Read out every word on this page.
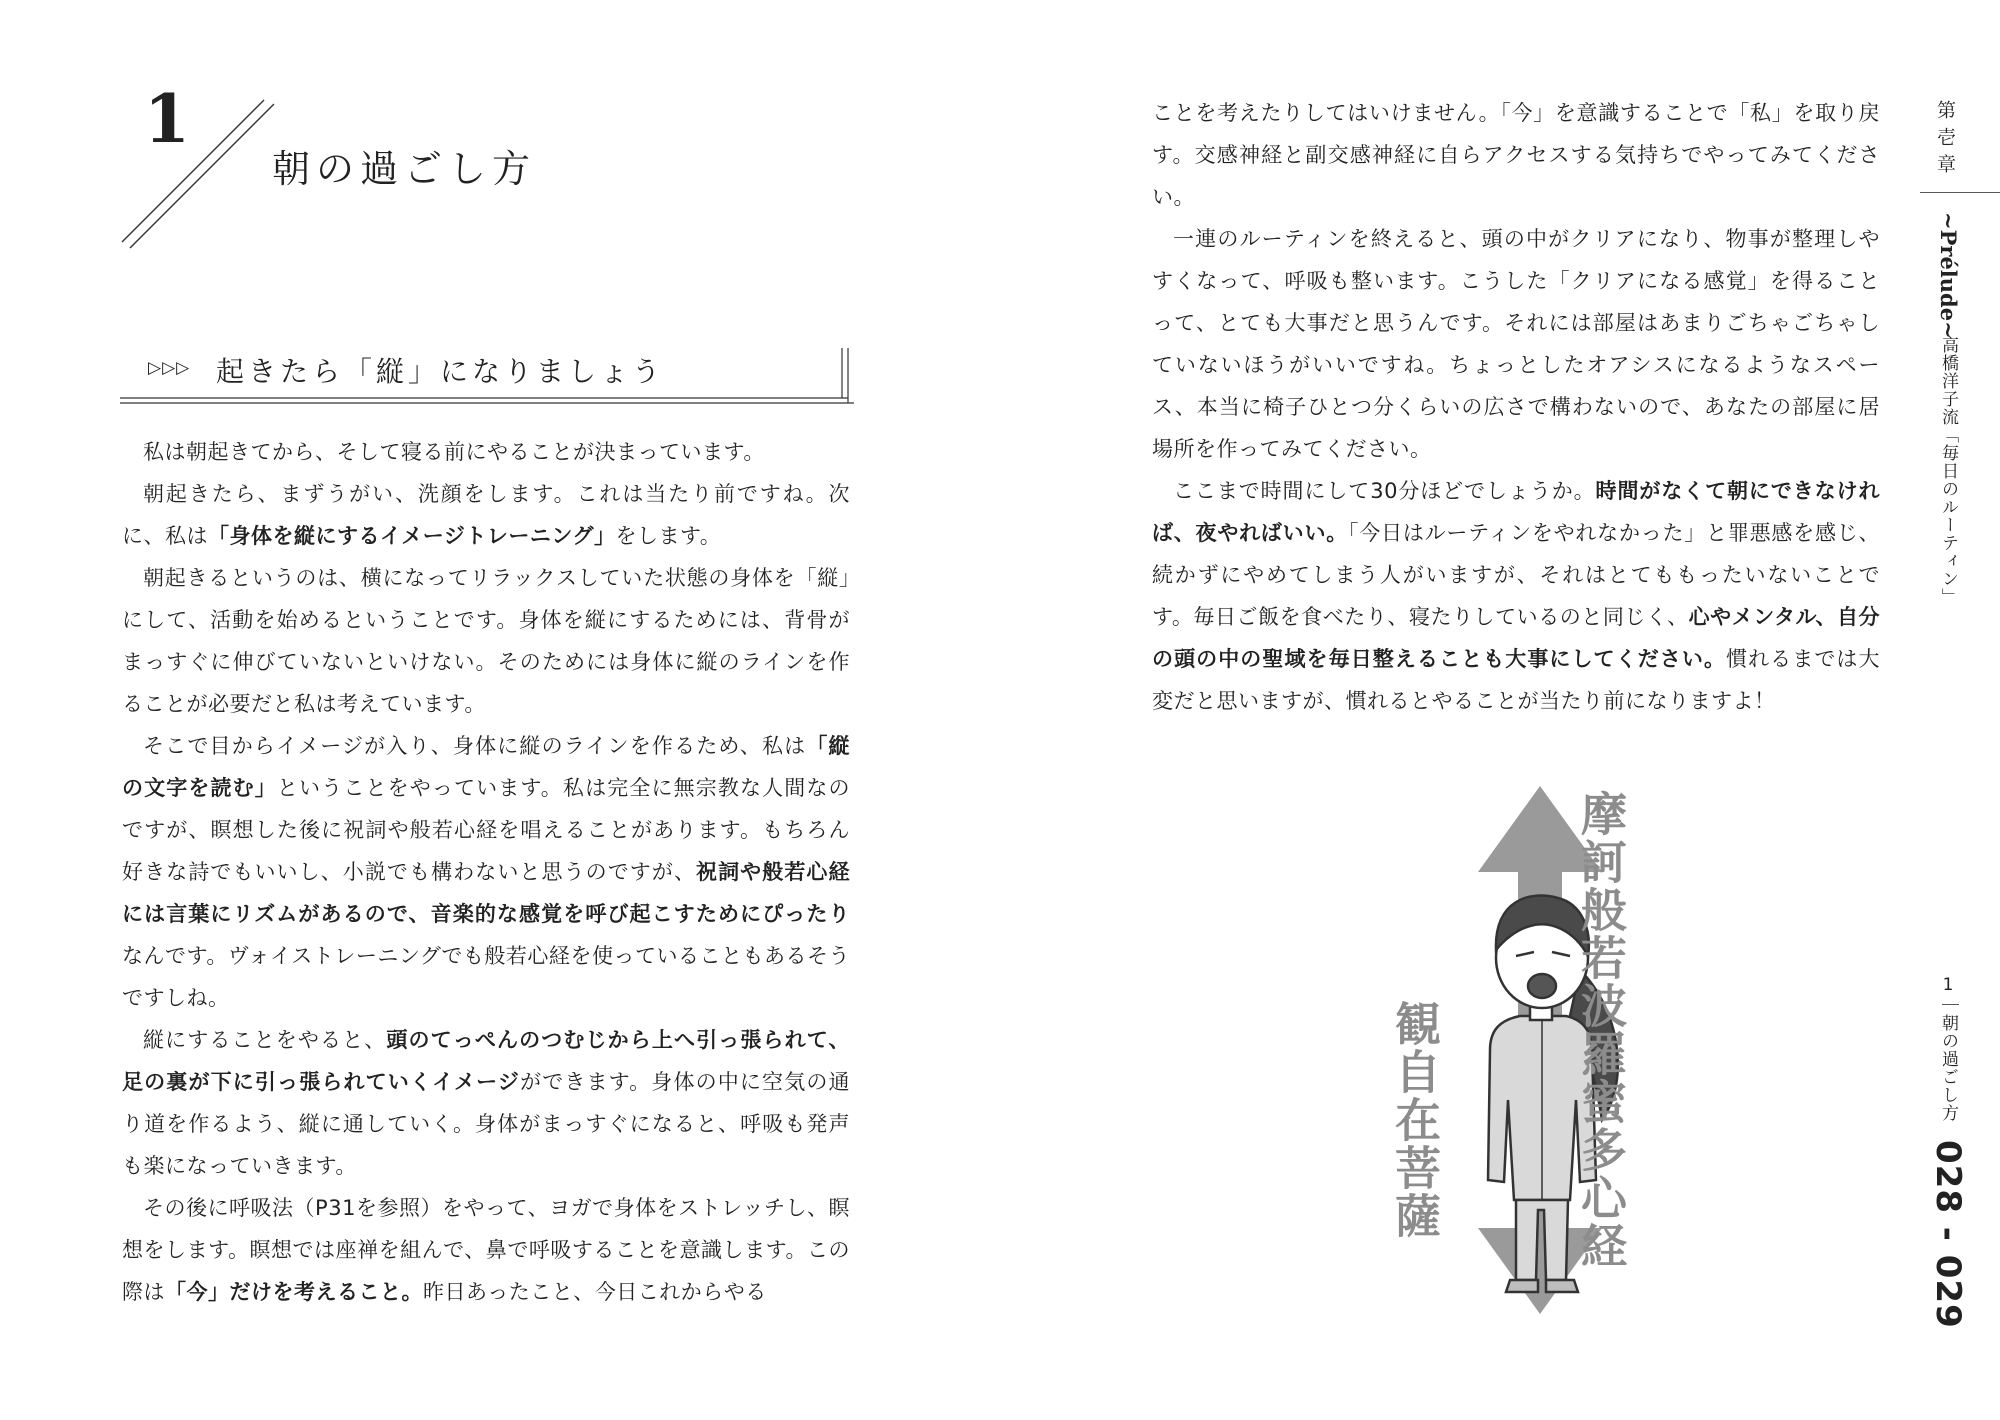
1
朝の過ごし方
▷▷▷ 起きたら「縦」になりましょう

私は朝起きてから、そして寝る前にやることが決まっています。

朝起きたら、まずうがい、洗顔をします。これは当たり前ですね。次に、私は「身体を縦にするイメージトレーニング」をします。

朝起きるというのは、横になってリラックスしていた状態の身体を「縦」にして、活動を始めるということです。身体を縦にするためには、背骨がまっすぐに伸びていないといけない。そのためには身体に縦のラインを作ることが必要だと私は考えています。

そこで目からイメージが入り、身体に縦のラインを作るため、私は「縦の文字を読む」ということをやっています。私は完全に無宗教な人間なのですが、瞑想した後に祝詞や般若心経を唱えることがあります。もちろん好きな詩でもいいし、小説でも構わないと思うのですが、祝詞や般若心経には言葉にリズムがあるので、音楽的な感覚を呼び起こすためにぴったりなんです。ヴォイストレーニングでも般若心経を使っていることもあるそうですしね。

縦にすることをやると、頭のてっぺんのつむじから上へ引っ張られて、足の裏が下に引っ張られていくイメージができます。身体の中に空気の通り道を作るよう、縦に通していく。身体がまっすぐになると、呼吸も発声も楽になっていきます。

その後に呼吸法（P31を参照）をやって、ヨガで身体をストレッチし、瞑想をします。瞑想では座禅を組んで、鼻で呼吸することを意識します。この際は「今」だけを考えること。昨日あったこと、今日これからやる

ことを考えたりしてはいけません。「今」を意識することで「私」を取り戻す。交感神経と副交感神経に自らアクセスする気持ちでやってみてください。

一連のルーティンを終えると、頭の中がクリアになり、物事が整理しやすくなって、呼吸も整います。こうした「クリアになる感覚」を得ることって、とても大事だと思うんです。それには部屋はあまりごちゃごちゃしていないほうがいいですね。ちょっとしたオアシスになるようなスペース、本当に椅子ひとつ分くらいの広さで構わないので、あなたの部屋に居場所を作ってみてください。

ここまで時間にして30分ほどでしょうか。時間がなくて朝にできなければ、夜やればいい。「今日はルーティンをやれなかった」と罪悪感を感じ、続かずにやめてしまう人がいますが、それはとてももったいないことです。毎日ご飯を食べたり、寝たりしているのと同じく、心やメンタル、自分の頭の中の聖域を毎日整えることも大事にしてください。慣れるまでは大変だと思いますが、慣れるとやることが当たり前になりますよ！

摩訶般若波羅蜜多心経
観自在菩薩
第壱章
~Prélude~
高橋洋子流「毎日のルーティン」
1｜朝の過ごし方
028 - 029
